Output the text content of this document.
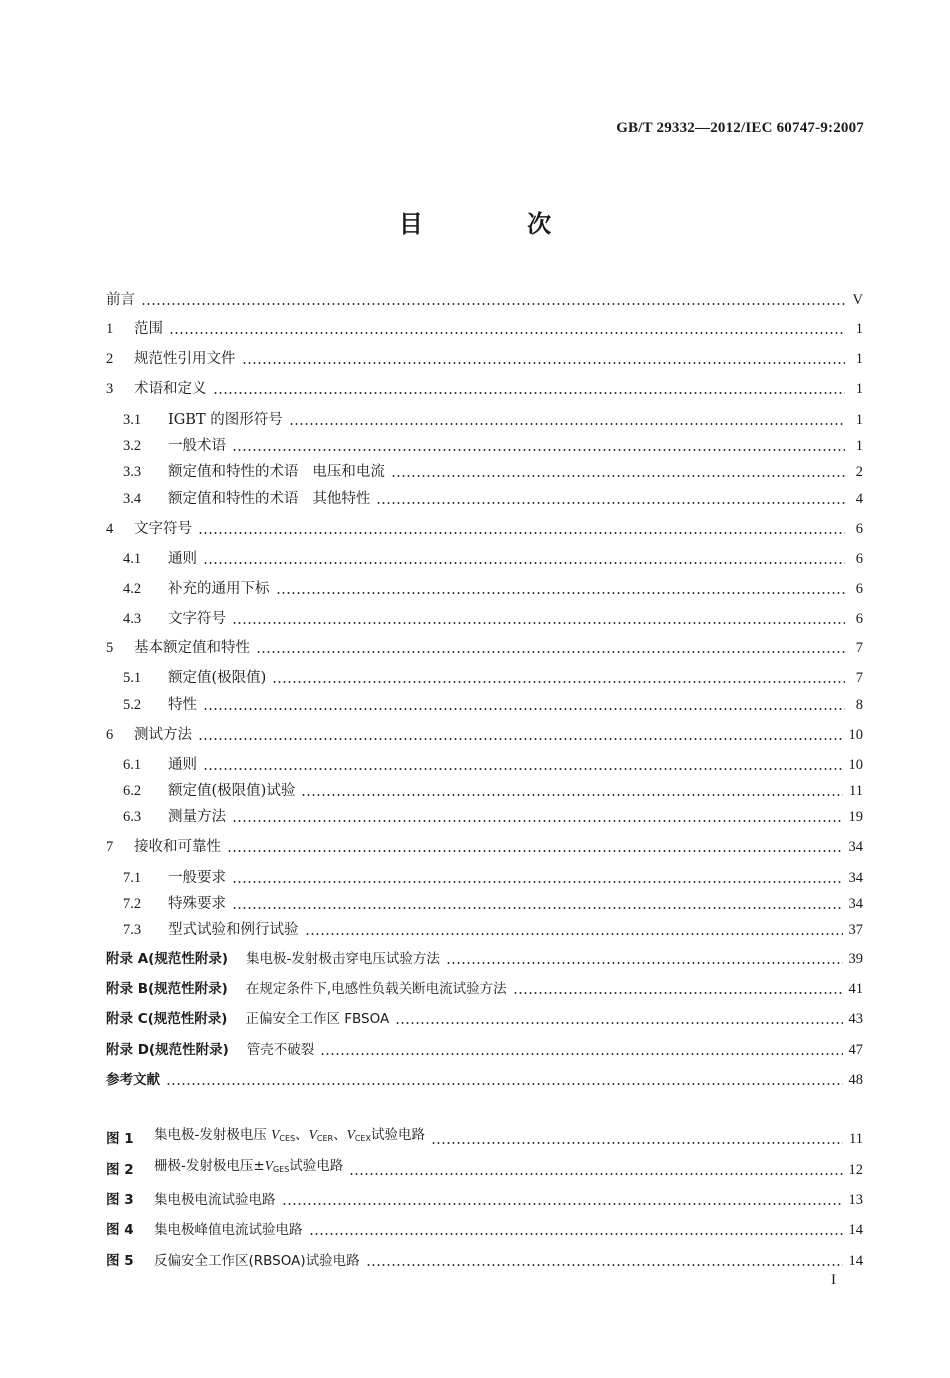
GB/T 29332—2012/IEC 60747-9:2007
目 次
前言	V
1	范围	1
2	规范性引用文件	1
3	术语和定义	1
3.1	IGBT 的图形符号	1
3.2	一般术语	1
3.3	额定值和特性的术语   电压和电流	2
3.4	额定值和特性的术语   其他特性	4
4	文字符号	6
4.1	通则	6
4.2	补充的通用下标	6
4.3	文字符号	6
5	基本额定值和特性	7
5.1	额定值(极限值)	7
5.2	特性	8
6	测试方法	10
6.1	通则	10
6.2	额定值(极限值)试验	11
6.3	测量方法	19
7	接收和可靠性	34
7.1	一般要求	34
7.2	特殊要求	34
7.3	型式试验和例行试验	37
附录 A(规范性附录) 集电极-发射极击穿电压试验方法	39
附录 B(规范性附录) 在规定条件下,电感性负载关断电流试验方法	41
附录 C(规范性附录) 正偏安全工作区 FBSOA	43
附录 D(规范性附录) 管壳不破裂	47
参考文献	48
图 1	集电极-发射极电压 $V_{CES}$、$V_{CER}$、$V_{CEX}$试验电路	11
图 2	栅极-发射极电压$\pm V_{GES}$试验电路	12
图 3	集电极电流试验电路	13
图 4	集电极峰值电流试验电路	14
图 5	反偏安全工作区(RBSOA)试验电路	14
I
